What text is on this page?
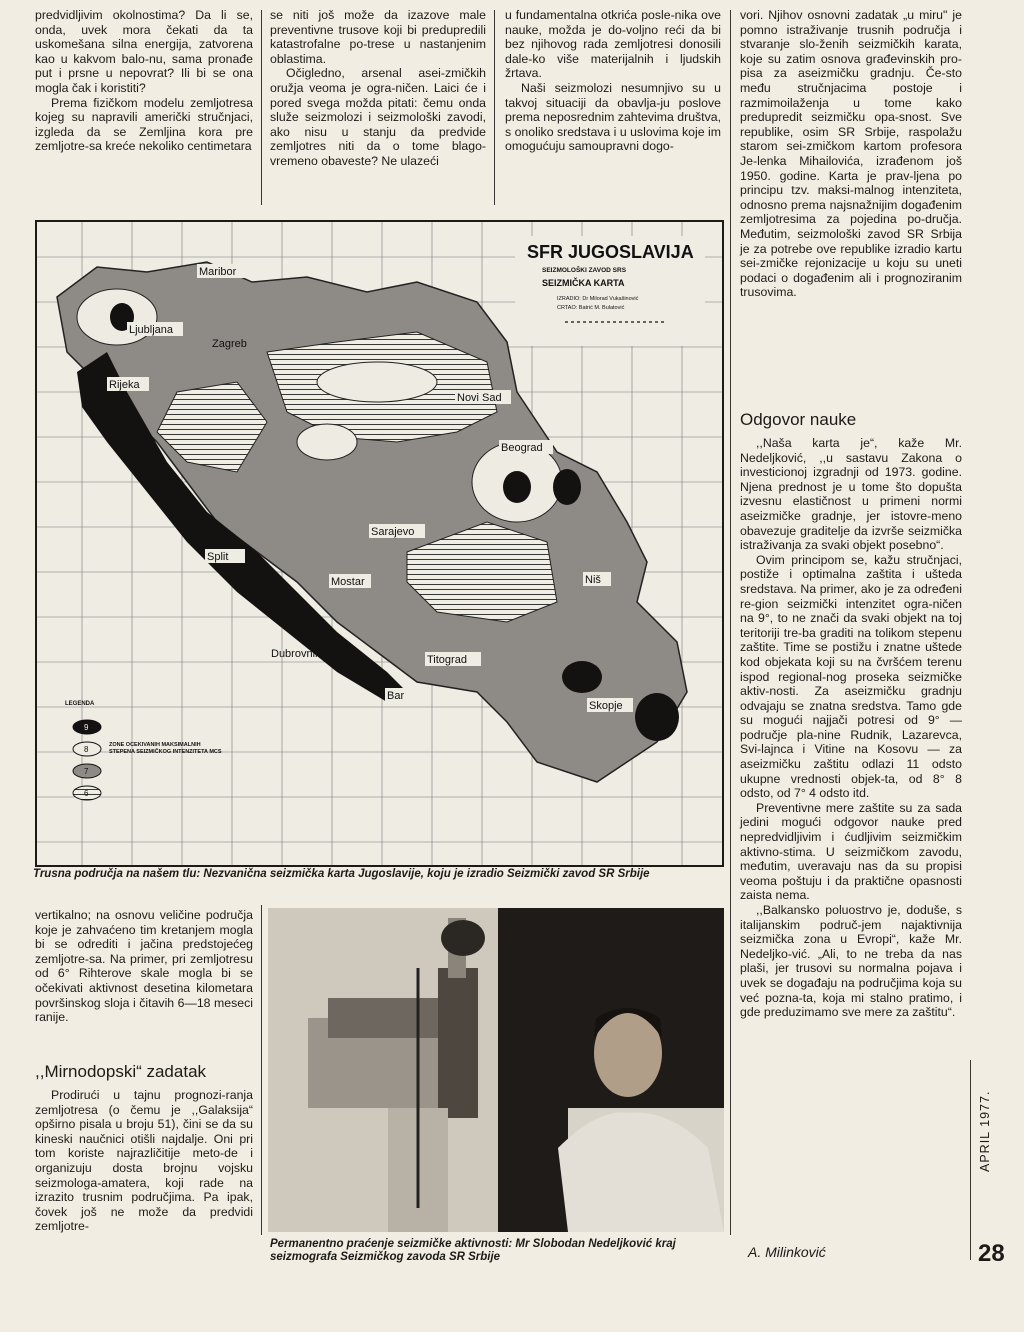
predvidljivim okolnostima? Da li se, onda, uvek mora čekati da ta uskomešana silna energija, zatvorena kao u kakvom balo-nu, sama pronađe put i prsne u nepovrat? Ili bi se ona mogla čak i koristiti?

Prema fizičkom modelu zemljotresa kojeg su napravili američki stručnjaci, izgleda da se Zemljina kora pre zemljotre-sa kreće nekoliko centimetara

se niti još može da izazove male preventivne trusove koji bi predupredili katastrofalne po-trese u nastanjenim oblastima.

Očigledno, arsenal asei-zmičkih oružja veoma je ogra-ničen. Laici će i pored svega možda pitati: čemu onda služe seizmolozi i seizmološki zavodi, ako nisu u stanju da predvide zemljotres niti da o tome blago-vremeno obaveste? Ne ulazeći

u fundamentalna otkrića posle-nika ove nauke, možda je do-voljno reći da bi bez njihovog rada zemljotresi donosili dale-ko više materijalnih i ljudskih žrtava.

Naši seizmolozi nesumnjivo su u takvoj situaciji da obavlja-ju poslove prema neposrednim zahtevima društva, s onoliko sredstava i u uslovima koje im omogućuju samoupravni dogo-

vori. Njihov osnovni zadatak „u miru" je pomno istraživanje trusnih područja i stvaranje slo-ženih seizmičkih karata, koje su zatim osnova građevinskih pro-pisa za aseizmičku gradnju. Če-sto među stručnjacima postoje i razmimoilaženja u tome kako predupredit seizmičku opa-snost. Sve republike, osim SR Srbije, raspolažu starom sei-zmičkom kartom profesora Je-lenka Mihailovića, izrađenom još 1950. godine. Karta je prav-ljena po principu tzv. maksi-malnog intenziteta, odnosno prema najsnažnijim događenim zemljotresima za pojedina po-dručja. Međutim, seizmološki zavod SR Srbija je za potrebe ove republike izradio kartu sei-zmičke rejonizacije u koju su uneti podaci o događenim ali i prognoziranim trusovima.

Odgovor nauke

,,Naša karta je“, kaže Mr. Nedeljković, ,,u sastavu Zakona o investicionoj izgradnji od 1973. godine. Njena prednost je u tome što dopušta izvesnu elastičnost u primeni normi aseizmičke gradnje, jer istovre-meno obavezuje graditelje da izvrše seizmička istraživanja za svaki objekt posebno“.

Ovim principom se, kažu stručnjaci, postiže i optimalna zaštita i ušteda sredstava. Na primer, ako je za određeni re-gion seizmički intenzitet ogra-ničen na 9°, to ne znači da svaki objekt na toj teritoriji tre-ba graditi na tolikom stepenu zaštite. Time se postižu i znatne uštede kod objekata koji su na čvršćem terenu ispod regional-nog proseka seizmičke aktiv-nosti. Za aseizmičku gradnju odvajaju se znatna sredstva. Tamo gde su mogući najjači potresi od 9° — područje pla-nine Rudnik, Lazarevca, Svi-lajnca i Vitine na Kosovu — za aseizmičku zaštitu odlazi 11 odsto ukupne vrednosti objek-ta, od 8° 8 odsto, od 7° 4 odsto itd.

Preventivne mere zaštite su za sada jedini mogući odgovor nauke pred nepredvidljivim i ćudljivim seizmičkim aktivno-stima. U seizmičkom zavodu, međutim, uveravaju nas da su propisi veoma poštuju i da praktične opasnosti zaista nema.

,,Balkansko poluostrvo je, doduše, s italijanskim područ-jem najaktivnija seizmička zona u Evropi“, kaže Mr. Nedeljko-vić. „Ali, to ne treba da nas plaši, jer trusovi su normalna pojava i uvek se događaju na područjima koja su već pozna-ta, koja mi stalno pratimo, i gde preduzimamo sve mere za zaštitu“.

A. Milinković
SFR JUGOSLAVIJA
SEIZMOLOŠKI ZAVOD SRS
SEIZMIČKA KARTA
IZRADIO: Dr Milorad Vukašinović
CRTAO: Batrić M. Bulatović
LEGENDA
9
8
7
6
ZONE OČEKIVANIH MAKSIMALNIH STEPENA SEIZMIČKOG INTENZITETA MCS
Maribor
Ljubljana
Zagreb
Rijeka
Novi Sad
Beograd
Sarajevo
Split
Mostar	Niš
Dubrovnik	Titograd
Bar
Skopje
Trusna područja na našem tlu: Nezvanična seizmička karta Jugoslavije, koju je izradio Seizmički zavod SR Srbije

vertikalno; na osnovu veličine područja koje je zahvaćeno tim kretanjem mogla bi se odrediti i jačina predstojećeg zemljotre-sa. Na primer, pri zemljotresu od 6° Rihterove skale mogla bi se očekivati aktivnost desetina kilometara površinskog sloja i čitavih 6—18 meseci ranije.

,,Mirnodopski“ zadatak

Prodirući u tajnu prognozi-ranja zemljotresa (o čemu je ,,Galaksija“ opširno pisala u broju 51), čini se da su kineski naučnici otišli najdalje. Oni pri tom koriste najrazličitije meto-de i organizuju dosta brojnu vojsku seizmologa-amatera, koji rade na izrazito trusnim područjima. Pa ipak, čovek još ne može da predvidi zemljotre-

Permanentno praćenje seizmičke aktivnosti: Mr Slobodan Nedeljković kraj seizmografa Seizmičkog zavoda SR Srbije
APRIL 1977.
28
